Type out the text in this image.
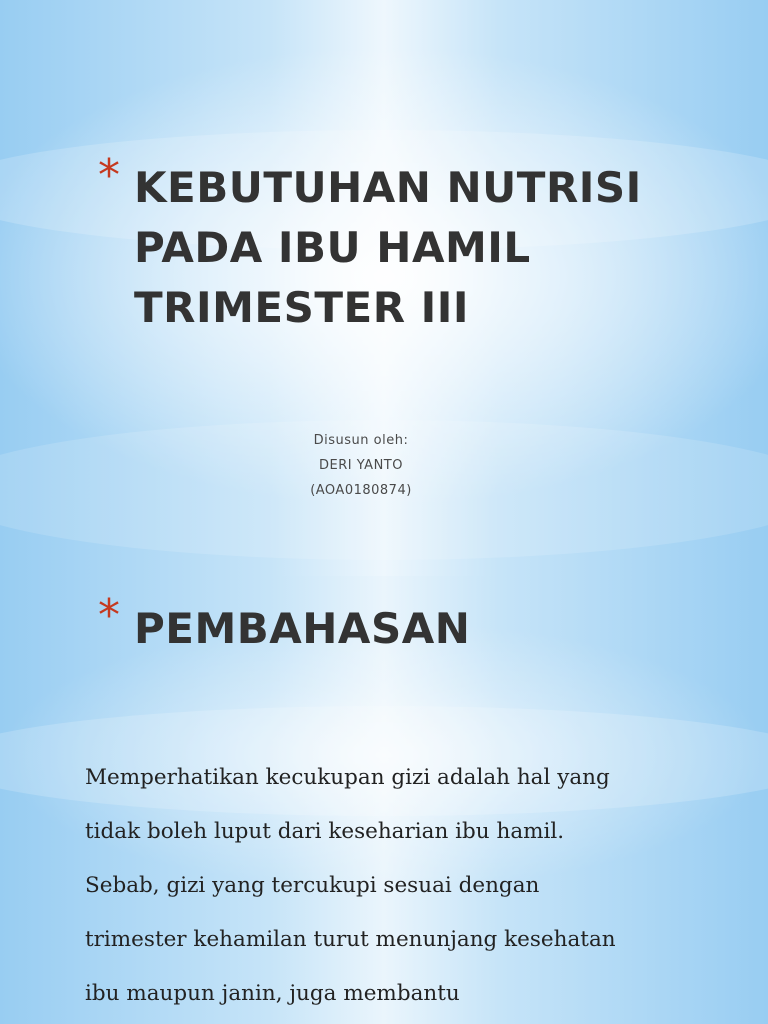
* KEBUTUHAN NUTRISI
PADA IBU HAMIL
TRIMESTER III
Disusun oleh:
DERI YANTO
(AOA0180874)
* PEMBAHASAN

Memperhatikan kecukupan gizi adalah hal yang tidak boleh luput dari keseharian ibu hamil. Sebab, gizi yang tercukupi sesuai dengan trimester kehamilan turut menunjang kesehatan ibu maupun janin, juga membantu
